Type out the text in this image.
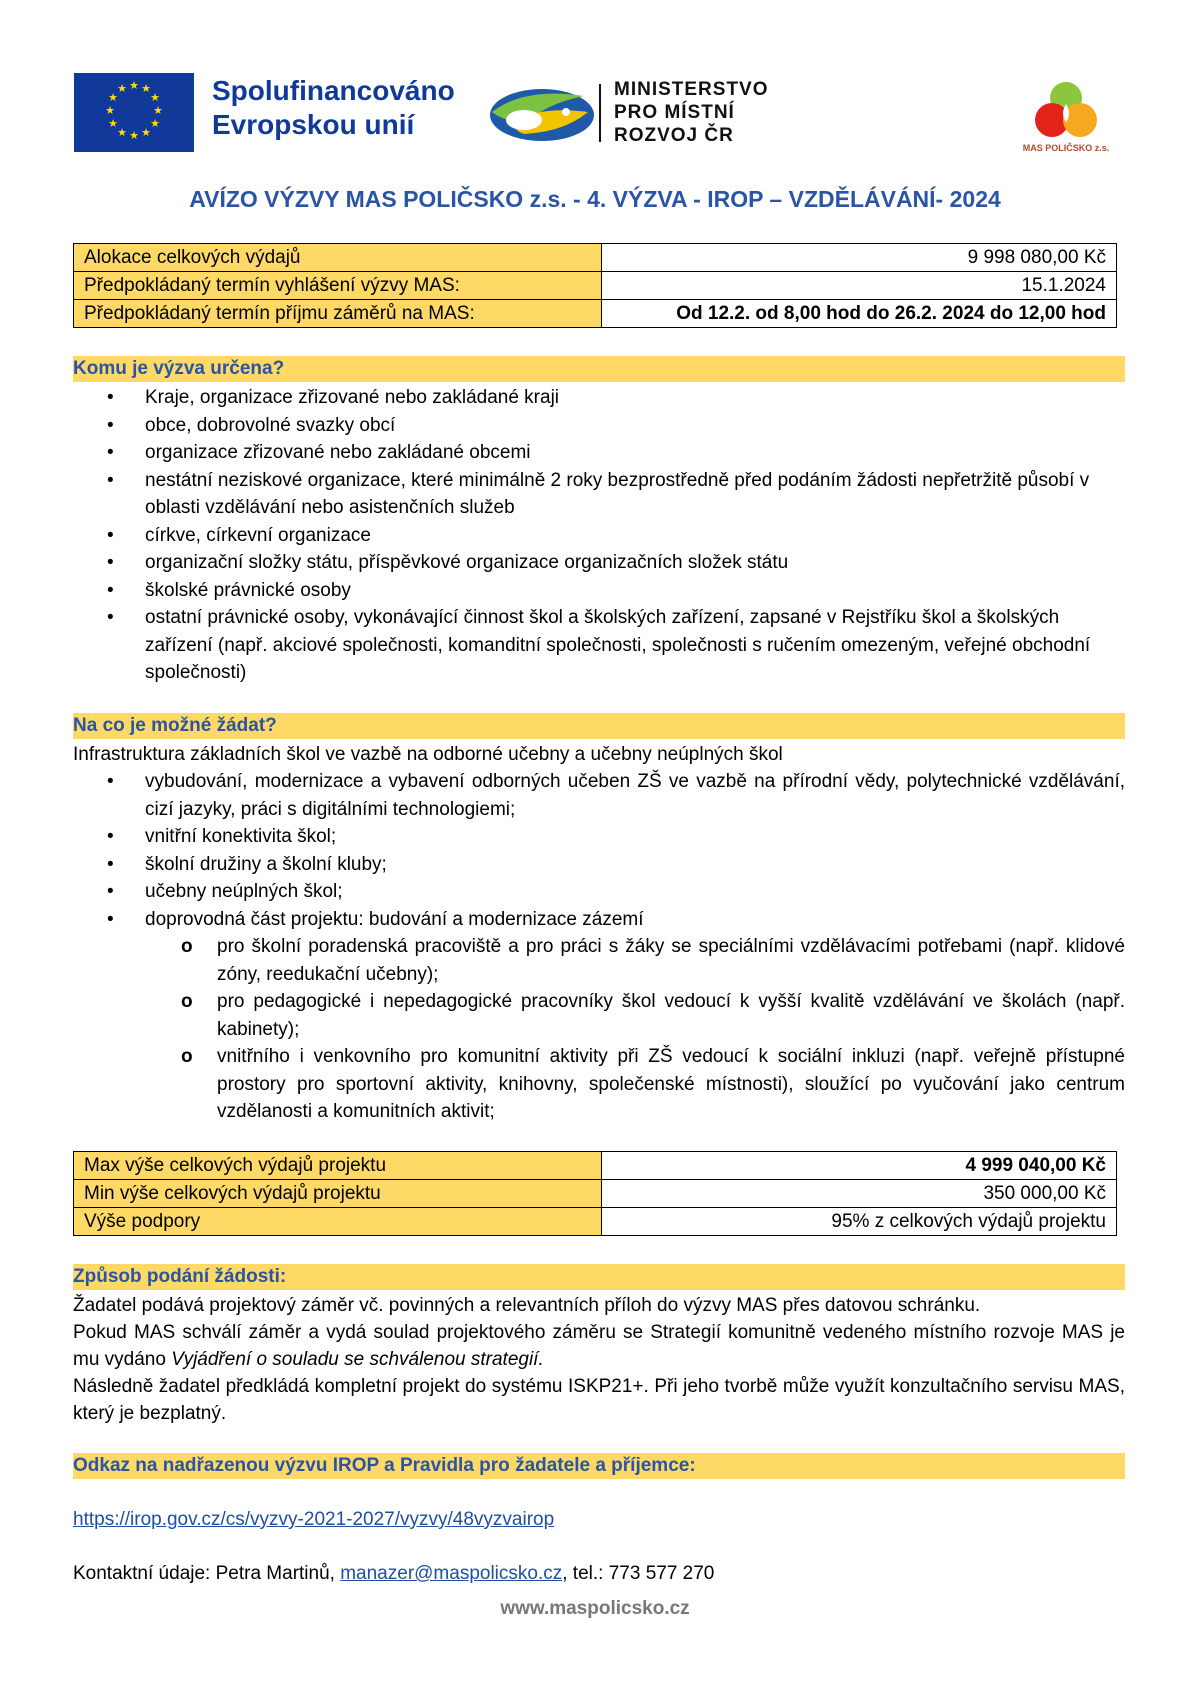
★ ★
★
★
★
★
★
★
★
★
★
★	Spolufinancováno
Evropskou unií
MINISTERSTVO
PRO MÍSTNÍ
ROZVOJ ČR
MAS POLIČSKO z.s.
AVÍZO VÝZVY MAS POLIČSKO z.s. - 4. VÝZVA - IROP – VZDĚLÁVÁNÍ- 2024
Alokace celkových výdajů	9 998 080,00 Kč
Předpokládaný termín vyhlášení výzvy MAS:	15.1.2024
Předpokládaný termín příjmu záměrů na MAS:	Od 12.2. od 8,00 hod do 26.2. 2024 do 12,00 hod
Komu je výzva určena?
• Kraje, organizace zřizované nebo zakládané kraji
• obce, dobrovolné svazky obcí
• organizace zřizované nebo zakládané obcemi
• nestátní neziskové organizace, které minimálně 2 roky bezprostředně před podáním žádosti nepřetržitě působí v oblasti vzdělávání nebo asistenčních služeb
• církve, církevní organizace
• organizační složky státu, příspěvkové organizace organizačních složek státu
• školské právnické osoby
• ostatní právnické osoby, vykonávající činnost škol a školských zařízení, zapsané v Rejstříku škol a školských zařízení (např. akciové společnosti, komanditní společnosti, společnosti s ručením omezeným, veřejné obchodní společnosti)
Na co je možné žádat?
Infrastruktura základních škol ve vazbě na odborné učebny a učebny neúplných škol
• vybudování, modernizace a vybavení odborných učeben ZŠ ve vazbě na přírodní vědy, polytechnické vzdělávání, cizí jazyky, práci s digitálními technologiemi;
• vnitřní konektivita škol;
• školní družiny a školní kluby;
• učebny neúplných škol;
• doprovodná část projektu: budování a modernizace zázemí
o pro školní poradenská pracoviště a pro práci s žáky se speciálními vzdělávacími potřebami (např. klidové zóny, reedukační učebny);
o pro pedagogické i nepedagogické pracovníky škol vedoucí k vyšší kvalitě vzdělávání ve školách (např. kabinety);
o vnitřního i venkovního pro komunitní aktivity při ZŠ vedoucí k sociální inkluzi (např. veřejně přístupné prostory pro sportovní aktivity, knihovny, společenské místnosti), sloužící po vyučování jako centrum vzdělanosti a komunitních aktivit;
Max výše celkových výdajů projektu	4 999 040,00 Kč
Min výše celkových výdajů projektu	350 000,00 Kč
Výše podpory	95% z celkových výdajů projektu
Způsob podání žádosti:
Žadatel podává projektový záměr vč. povinných a relevantních příloh do výzvy MAS přes datovou schránku.
Pokud MAS schválí záměr a vydá soulad projektového záměru se Strategií komunitně vedeného místního rozvoje MAS je mu vydáno Vyjádření o souladu se schválenou strategií.
Následně žadatel předkládá kompletní projekt do systému ISKP21+. Při jeho tvorbě může využít konzultačního servisu MAS, který je bezplatný.
Odkaz na nadřazenou výzvu IROP a Pravidla pro žadatele a příjemce:
https://irop.gov.cz/cs/vyzvy-2021-2027/vyzvy/48vyzvairop
Kontaktní údaje: Petra Martinů, manazer@maspolicsko.cz, tel.: 773 577 270
www.maspolicsko.cz
